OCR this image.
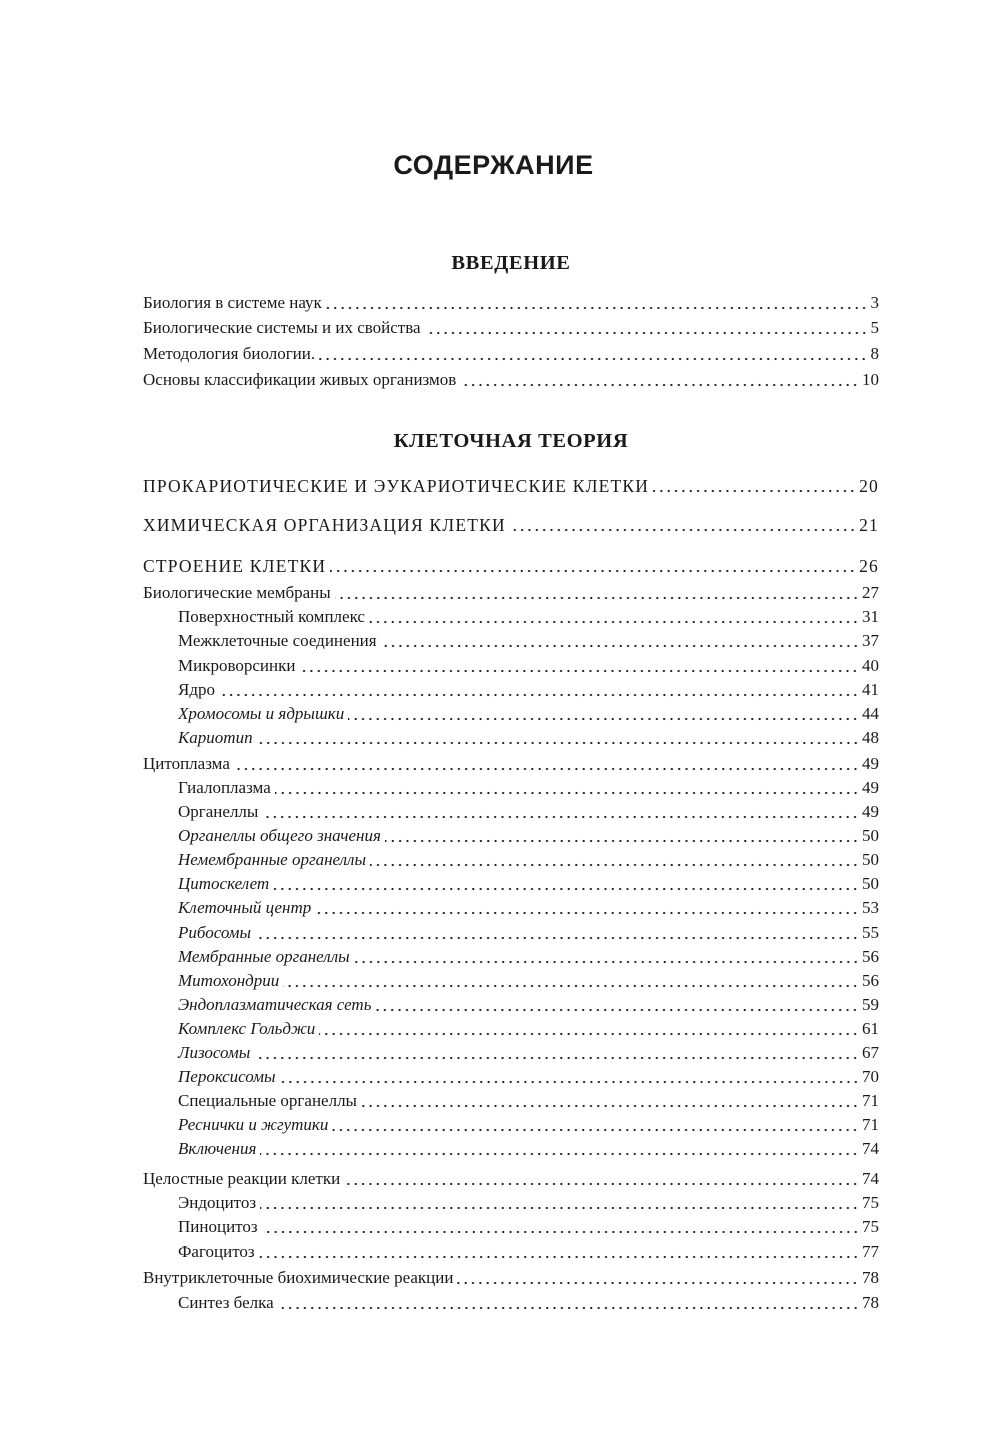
СОДЕРЖАНИЕ
ВВЕДЕНИЕ
КЛЕТОЧНАЯ ТЕОРИЯ
Биология в системе наук	3
Биологические системы и их свойства	5
Методология биологии.	8
Основы классификации живых организмов	10
ПРОКАРИОТИЧЕСКИЕ И ЭУКАРИОТИЧЕСКИЕ КЛЕТКИ	20
ХИМИЧЕСКАЯ ОРГАНИЗАЦИЯ КЛЕТКИ	21
СТРОЕНИЕ КЛЕТКИ	26
Биологические мембраны	27
Поверхностный комплекс	31
Межклеточные соединения	37
Микроворсинки	40
Ядро	41
Хромосомы и ядрышки	44
Кариотип	48
Цитоплазма	49
Гиалоплазма	49
Органеллы	49
Органеллы общего значения	50
Немембранные органеллы	50
Цитоскелет	50
Клеточный центр	53
Рибосомы	55
Мембранные органеллы	56
Митохондрии	56
Эндоплазматическая сеть	59
Комплекс Гольджи	61
Лизосомы	67
Пероксисомы	70
Специальные органеллы	71
Реснички и жгутики	71
Включения	74
Целостные реакции клетки	74
Эндоцитоз	75
Пиноцитоз	75
Фагоцитоз	77
Внутриклеточные биохимические реакции	78
Синтез белка	78
